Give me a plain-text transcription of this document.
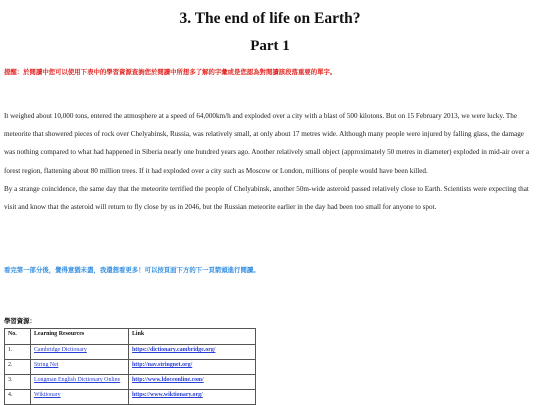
3. The end of life on Earth?
Part 1
提醒：於閱讀中您可以使用下表中的學習資源查詢您於閱讀中所想多了解的字彙或是您認為對閱讀該段落重要的單字。

It weighed about 10,000 tons, entered the atmosphere at a speed of 64,000km/h and exploded over a city with a blast of 500 kilotons. But on 15 February 2013, we were lucky. The meteorite that showered pieces of rock over Chelyabinsk, Russia, was relatively small, at only about 17 metres wide. Although many people were injured by falling glass, the damage was nothing compared to what had happened in Siberia nearly one hundred years ago. Another relatively small object (approximately 50 metres in diameter) exploded in mid-air over a forest region, flattening about 80 million trees. If it had exploded over a city such as Moscow or London, millions of people would have been killed.

By a strange coincidence, the same day that the meteorite terrified the people of Chelyabinsk, another 50m-wide asteroid passed relatively close to Earth. Scientists were expecting that visit and know that the asteroid will return to fly close by us in 2046, but the Russian meteorite earlier in the day had been too small for anyone to spot.

看完第一部分後，覺得意猶未盡，我還想看更多！可以按頁面下方的下一頁箭頭進行閱讀。
學習資源：
No.	Learning Resources	Link
1.	Cambridge Dictionary	https://dictionary.cambridge.org/
2.	String Net	http://nav.stringnet.org/
3.	Longman English Dictionary Online	http://www.ldoceonline.com/
4.	Wiktionary	https://www.wiktionary.org/
